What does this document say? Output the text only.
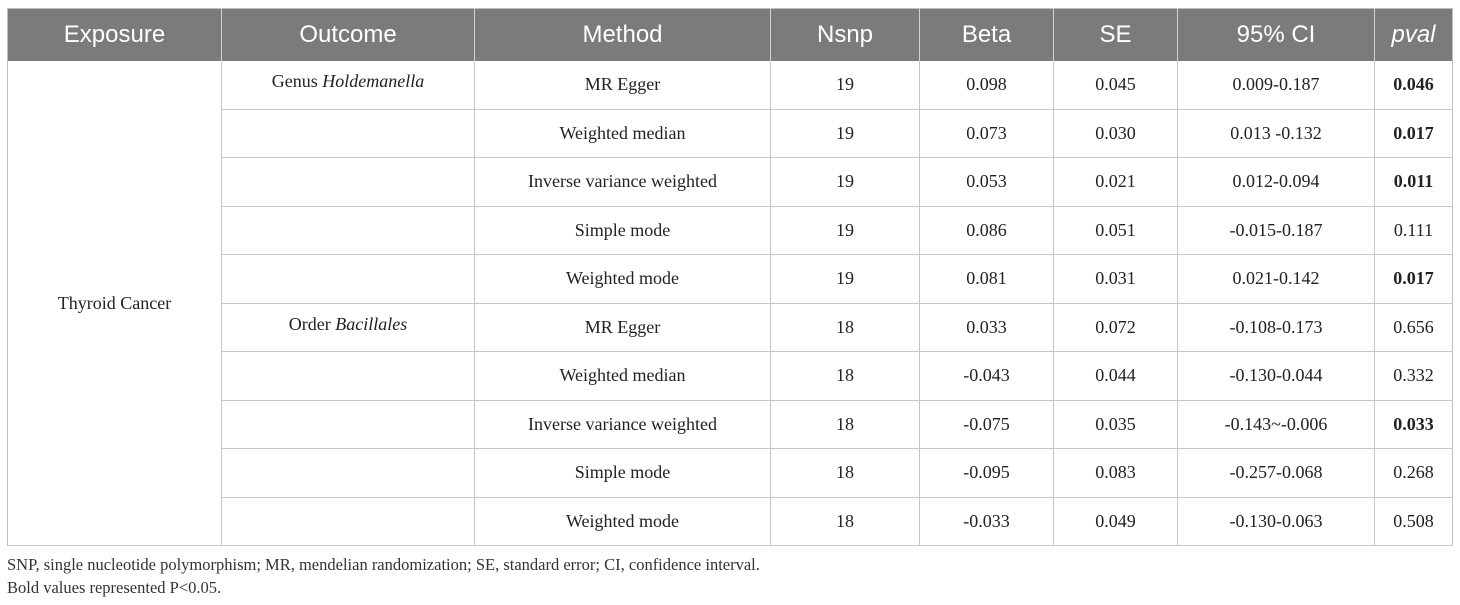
Exposure	Outcome	Method	Nsnp	Beta	SE	95% CI	pval
Thyroid Cancer	Genus Holdemanella	MR Egger	19	0.098	0.045	0.009-0.187	0.046
		Weighted median	19	0.073	0.030	0.013 -0.132	0.017
		Inverse variance weighted	19	0.053	0.021	0.012-0.094	0.011
		Simple mode	19	0.086	0.051	-0.015-0.187	0.111
		Weighted mode	19	0.081	0.031	0.021-0.142	0.017

	Order Bacillales	MR Egger	18	0.033	0.072	-0.108-0.173	0.656
		Weighted median	18	-0.043	0.044	-0.130-0.044	0.332
		Inverse variance weighted	18	-0.075	0.035	-0.143~-0.006	0.033
		Simple mode	18	-0.095	0.083	-0.257-0.068	0.268
		Weighted mode	18	-0.033	0.049	-0.130-0.063	0.508
SNP, single nucleotide polymorphism; MR, mendelian randomization; SE, standard error; CI, confidence interval.
Bold values represented P<0.05.
